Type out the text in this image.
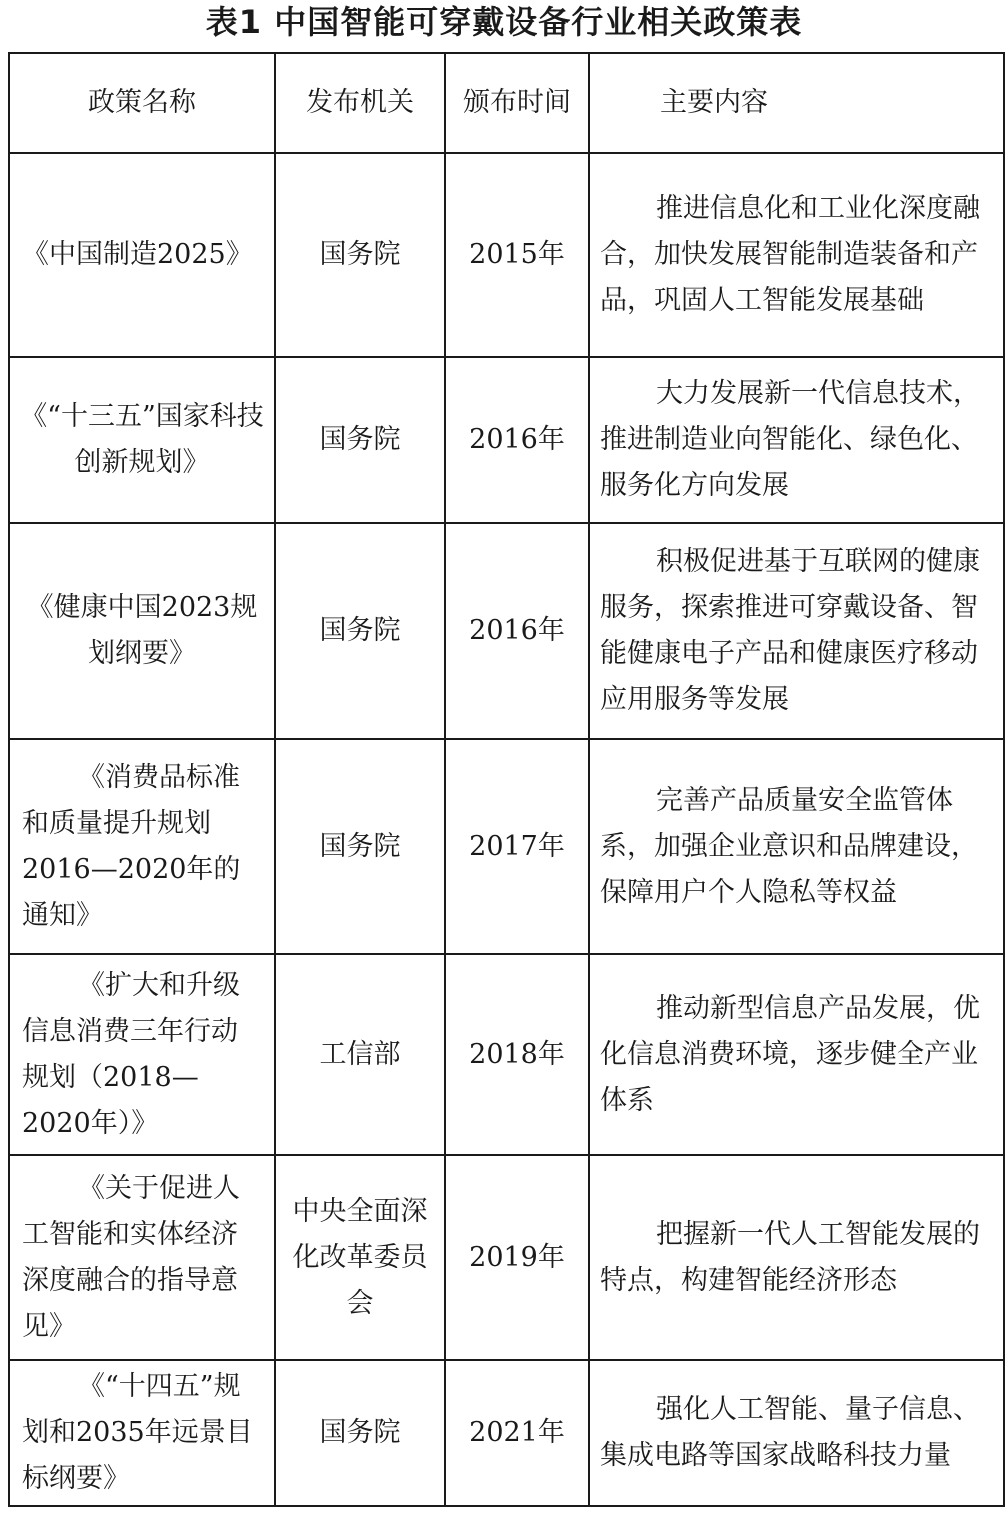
表1 中国智能可穿戴设备行业相关政策表
政策名称	发布机关	颁布时间	主要内容
《中国制造2025》	国务院	2015年	推进信息化和工业化深度融合，加快发展智能制造装备和产品，巩固人工智能发展基础
《“十三五”国家科技创新规划》	国务院	2016年	大力发展新一代信息技术，推进制造业向智能化、绿色化、服务化方向发展
《健康中国2023规划纲要》	国务院	2016年	积极促进基于互联网的健康服务，探索推进可穿戴设备、智能健康电子产品和健康医疗移动应用服务等发展
《消费品标准和质量提升规划2016—2020年的通知》	国务院	2017年	完善产品质量安全监管体系，加强企业意识和品牌建设，保障用户个人隐私等权益
《扩大和升级信息消费三年行动规划（2018—2020年）》	工信部	2018年	推动新型信息产品发展，优化信息消费环境，逐步健全产业体系
《关于促进人工智能和实体经济深度融合的指导意见》	中央全面深化改革委员会	2019年	把握新一代人工智能发展的特点，构建智能经济形态
《“十四五”规划和2035年远景目标纲要》	国务院	2021年	强化人工智能、量子信息、集成电路等国家战略科技力量
